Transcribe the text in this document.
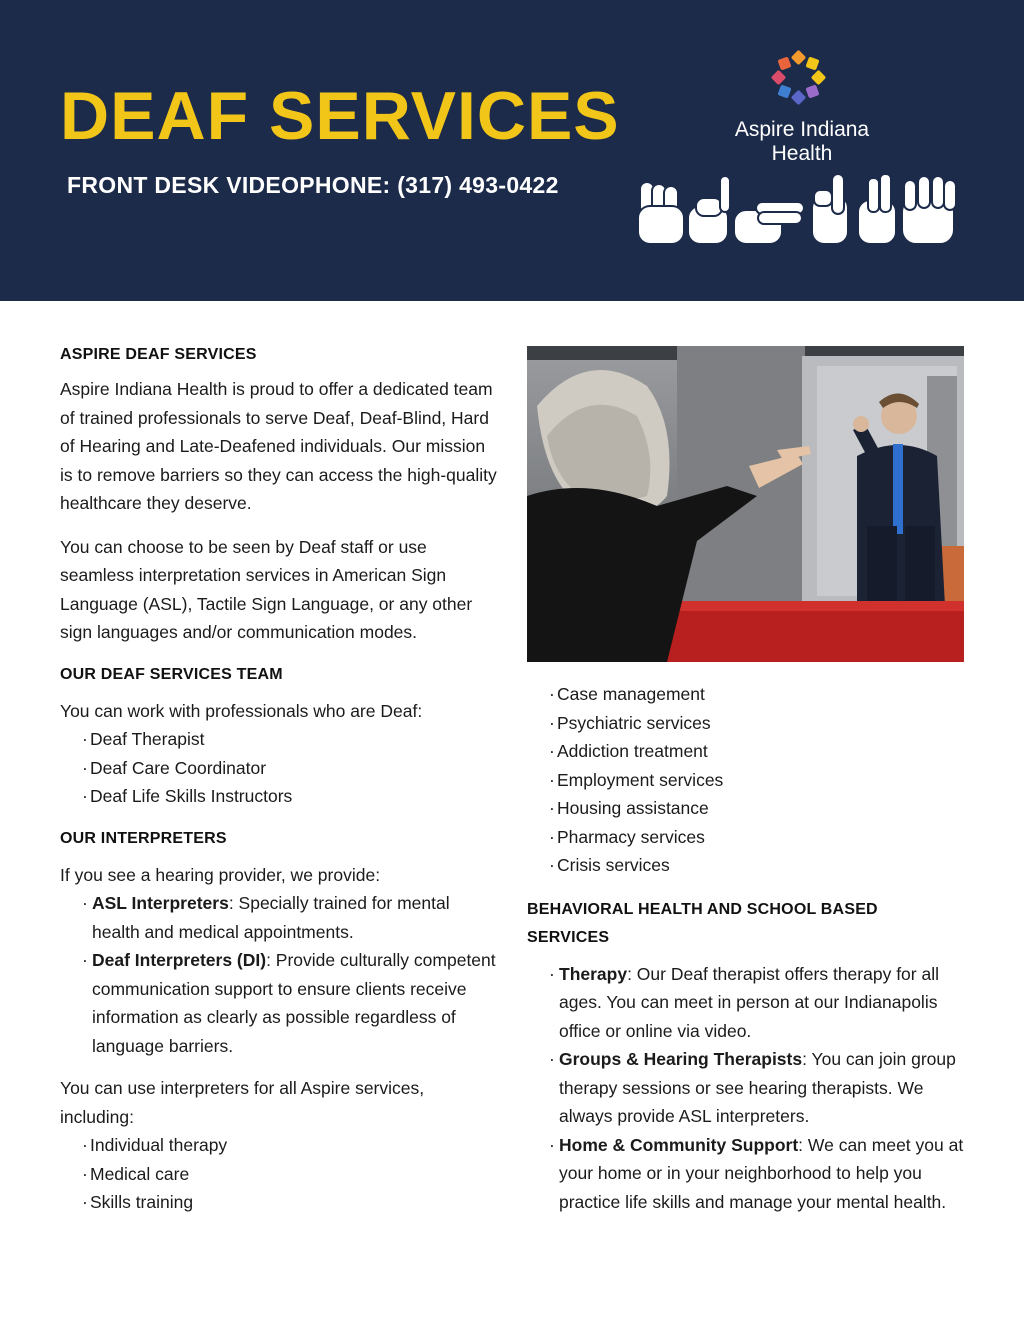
DEAF SERVICES

FRONT DESK VIDEOPHONE: (317) 493-0422

Aspire Indiana Health
ASPIRE DEAF SERVICES

Aspire Indiana Health is proud to offer a dedicated team of trained professionals to serve Deaf, Deaf-Blind, Hard of Hearing and Late-Deafened individuals. Our mission is to remove barriers so they can access the high-quality healthcare they deserve.

You can choose to be seen by Deaf staff or use seamless interpretation services in American Sign Language (ASL), Tactile Sign Language, or any other sign languages and/or communication modes.

OUR DEAF SERVICES TEAM

You can work with professionals who are Deaf:

· Deaf Therapist
· Deaf Care Coordinator
· Deaf Life Skills Instructors
OUR INTERPRETERS

If you see a hearing provider, we provide:

· ASL Interpreters: Specially trained for mental health and medical appointments.
· Deaf Interpreters (DI): Provide culturally competent communication support to ensure clients receive information as clearly as possible regardless of language barriers.

You can use interpreters for all Aspire services, including:

· Individual therapy
· Medical care
· Skills training
· Case management
· Psychiatric services
· Addiction treatment
· Employment services
· Housing assistance
· Pharmacy services
· Crisis services
BEHAVIORAL HEALTH AND SCHOOL BASED SERVICES
· Therapy: Our Deaf therapist offers therapy for all ages. You can meet in person at our Indianapolis office or online via video.
· Groups & Hearing Therapists: You can join group therapy sessions or see hearing therapists. We always provide ASL interpreters.
· Home & Community Support: We can meet you at your home or in your neighborhood to help you practice life skills and manage your mental health.
